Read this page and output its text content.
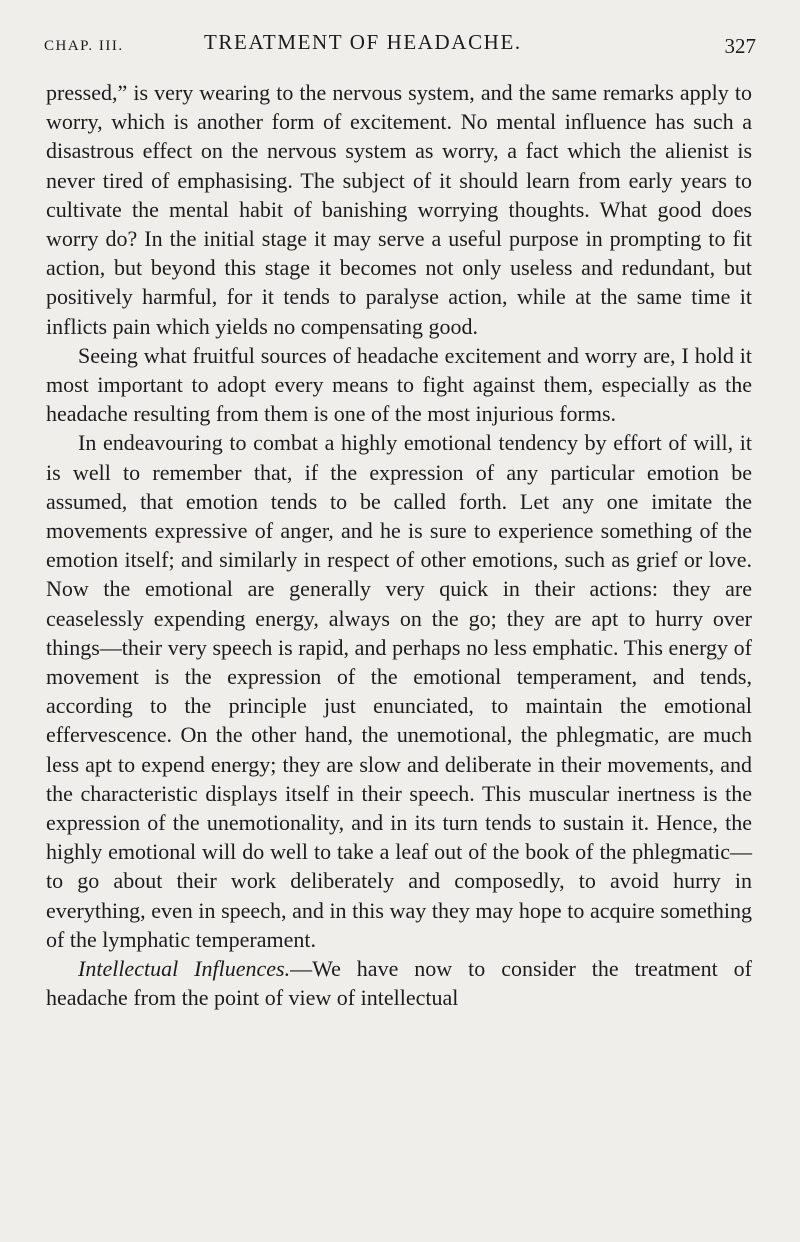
CHAP. III.	TREATMENT OF HEADACHE.	327

pressed,” is very wearing to the nervous system, and the same remarks apply to worry, which is another form of excitement. No mental influence has such a disastrous effect on the nervous system as worry, a fact which the alienist is never tired of emphasising. The subject of it should learn from early years to cultivate the mental habit of banishing worrying thoughts. What good does worry do? In the initial stage it may serve a useful purpose in prompting to fit action, but beyond this stage it becomes not only useless and redundant, but positively harmful, for it tends to paralyse action, while at the same time it inflicts pain which yields no compensating good.

Seeing what fruitful sources of headache excitement and worry are, I hold it most important to adopt every means to fight against them, especially as the headache resulting from them is one of the most injurious forms.

In endeavouring to combat a highly emotional tendency by effort of will, it is well to remember that, if the expression of any particular emotion be assumed, that emotion tends to be called forth. Let any one imitate the movements expressive of anger, and he is sure to experience something of the emotion itself; and similarly in respect of other emotions, such as grief or love. Now the emotional are generally very quick in their actions: they are ceaselessly expending energy, always on the go; they are apt to hurry over things—their very speech is rapid, and perhaps no less emphatic. This energy of movement is the expression of the emotional temperament, and tends, according to the principle just enunciated, to maintain the emotional effervescence. On the other hand, the unemotional, the phlegmatic, are much less apt to expend energy; they are slow and deliberate in their movements, and the characteristic displays itself in their speech. This muscular inertness is the expression of the unemotionality, and in its turn tends to sustain it. Hence, the highly emotional will do well to take a leaf out of the book of the phlegmatic—to go about their work deliberately and composedly, to avoid hurry in everything, even in speech, and in this way they may hope to acquire something of the lymphatic temperament.

Intellectual Influences.—We have now to consider the treatment of headache from the point of view of intellectual
